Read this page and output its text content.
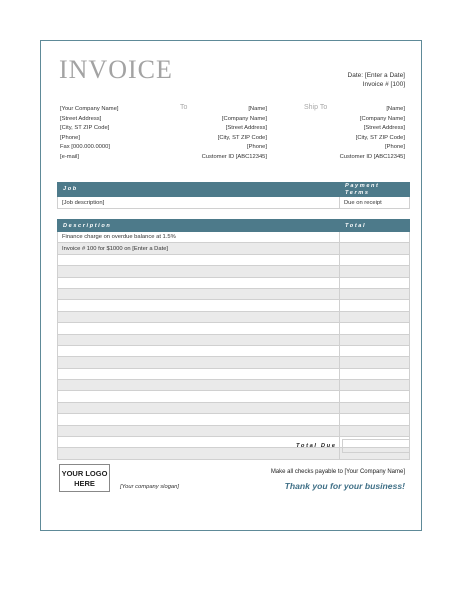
INVOICE	Date: [Enter a Date]
Invoice # [100]
[Your Company Name]
[Street Address]
[City, ST ZIP Code]
[Phone]
Fax [000.000.0000]
[e-mail]
To	[Name]
[Company Name]
[Street Address]
[City, ST ZIP Code]
[Phone]
Customer ID [ABC12345]
Ship To	[Name]
[Company Name]
[Street Address]
[City, ST ZIP Code]
[Phone]
Customer ID [ABC12345]
Job	Payment Terms
[Job description]	Due on receipt
Description	Total
Finance charge on overdue balance at 1.5%	
Invoice # 100 for $1000 on [Enter a Date]	

Total Due
YOUR LOGO HERE	[Your company slogan]
Make all checks payable to [Your Company Name]
Thank you for your business!
